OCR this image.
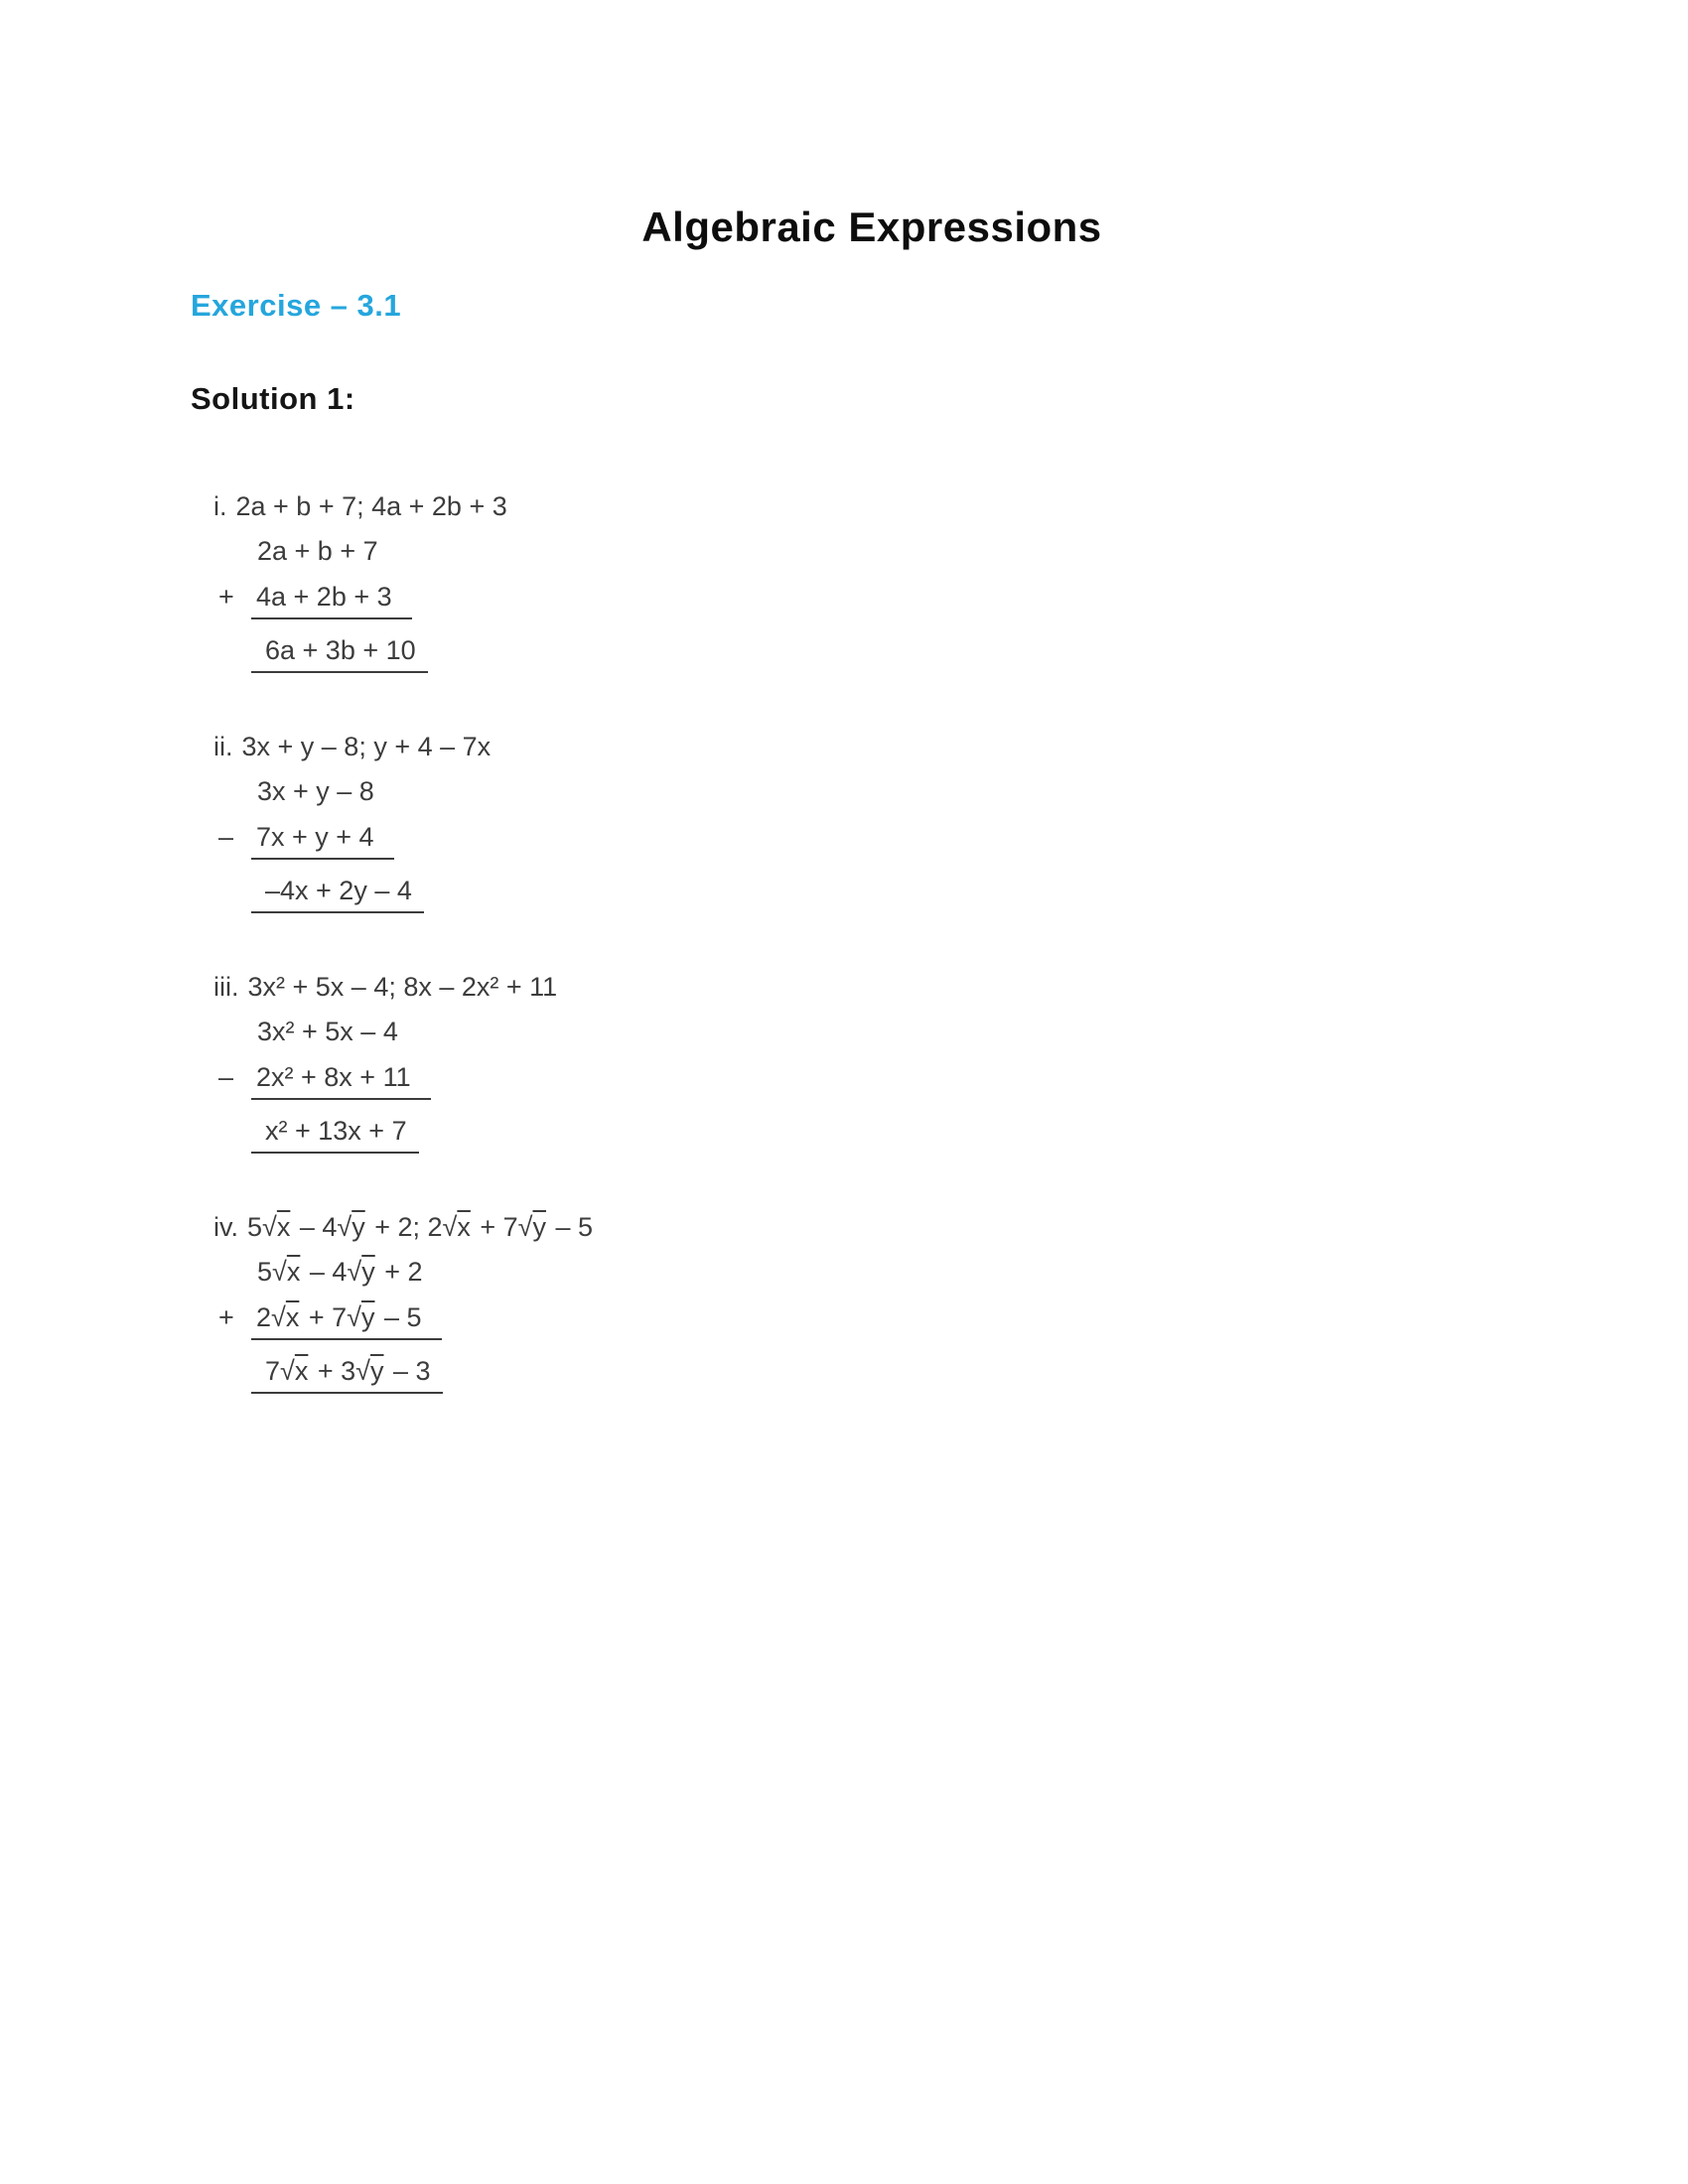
Algebraic Expressions
Exercise – 3.1
Solution 1:
i. 2a + b + 7; 4a + 2b + 3
2a + b + 7
+ 4a + 2b + 3
6a + 3b + 10
ii. 3x + y – 8; y + 4 – 7x
3x + y – 8
– 7x + y + 4
–4x + 2y – 4
iii. 3x² + 5x – 4; 8x – 2x² + 11
3x² + 5x – 4
– 2x² + 8x + 11
x² + 13x + 7
iv. 5√x – 4√y + 2; 2√x + 7√y – 5
5√x – 4√y + 2
+ 2√x + 7√y – 5
7√x + 3√y – 3
